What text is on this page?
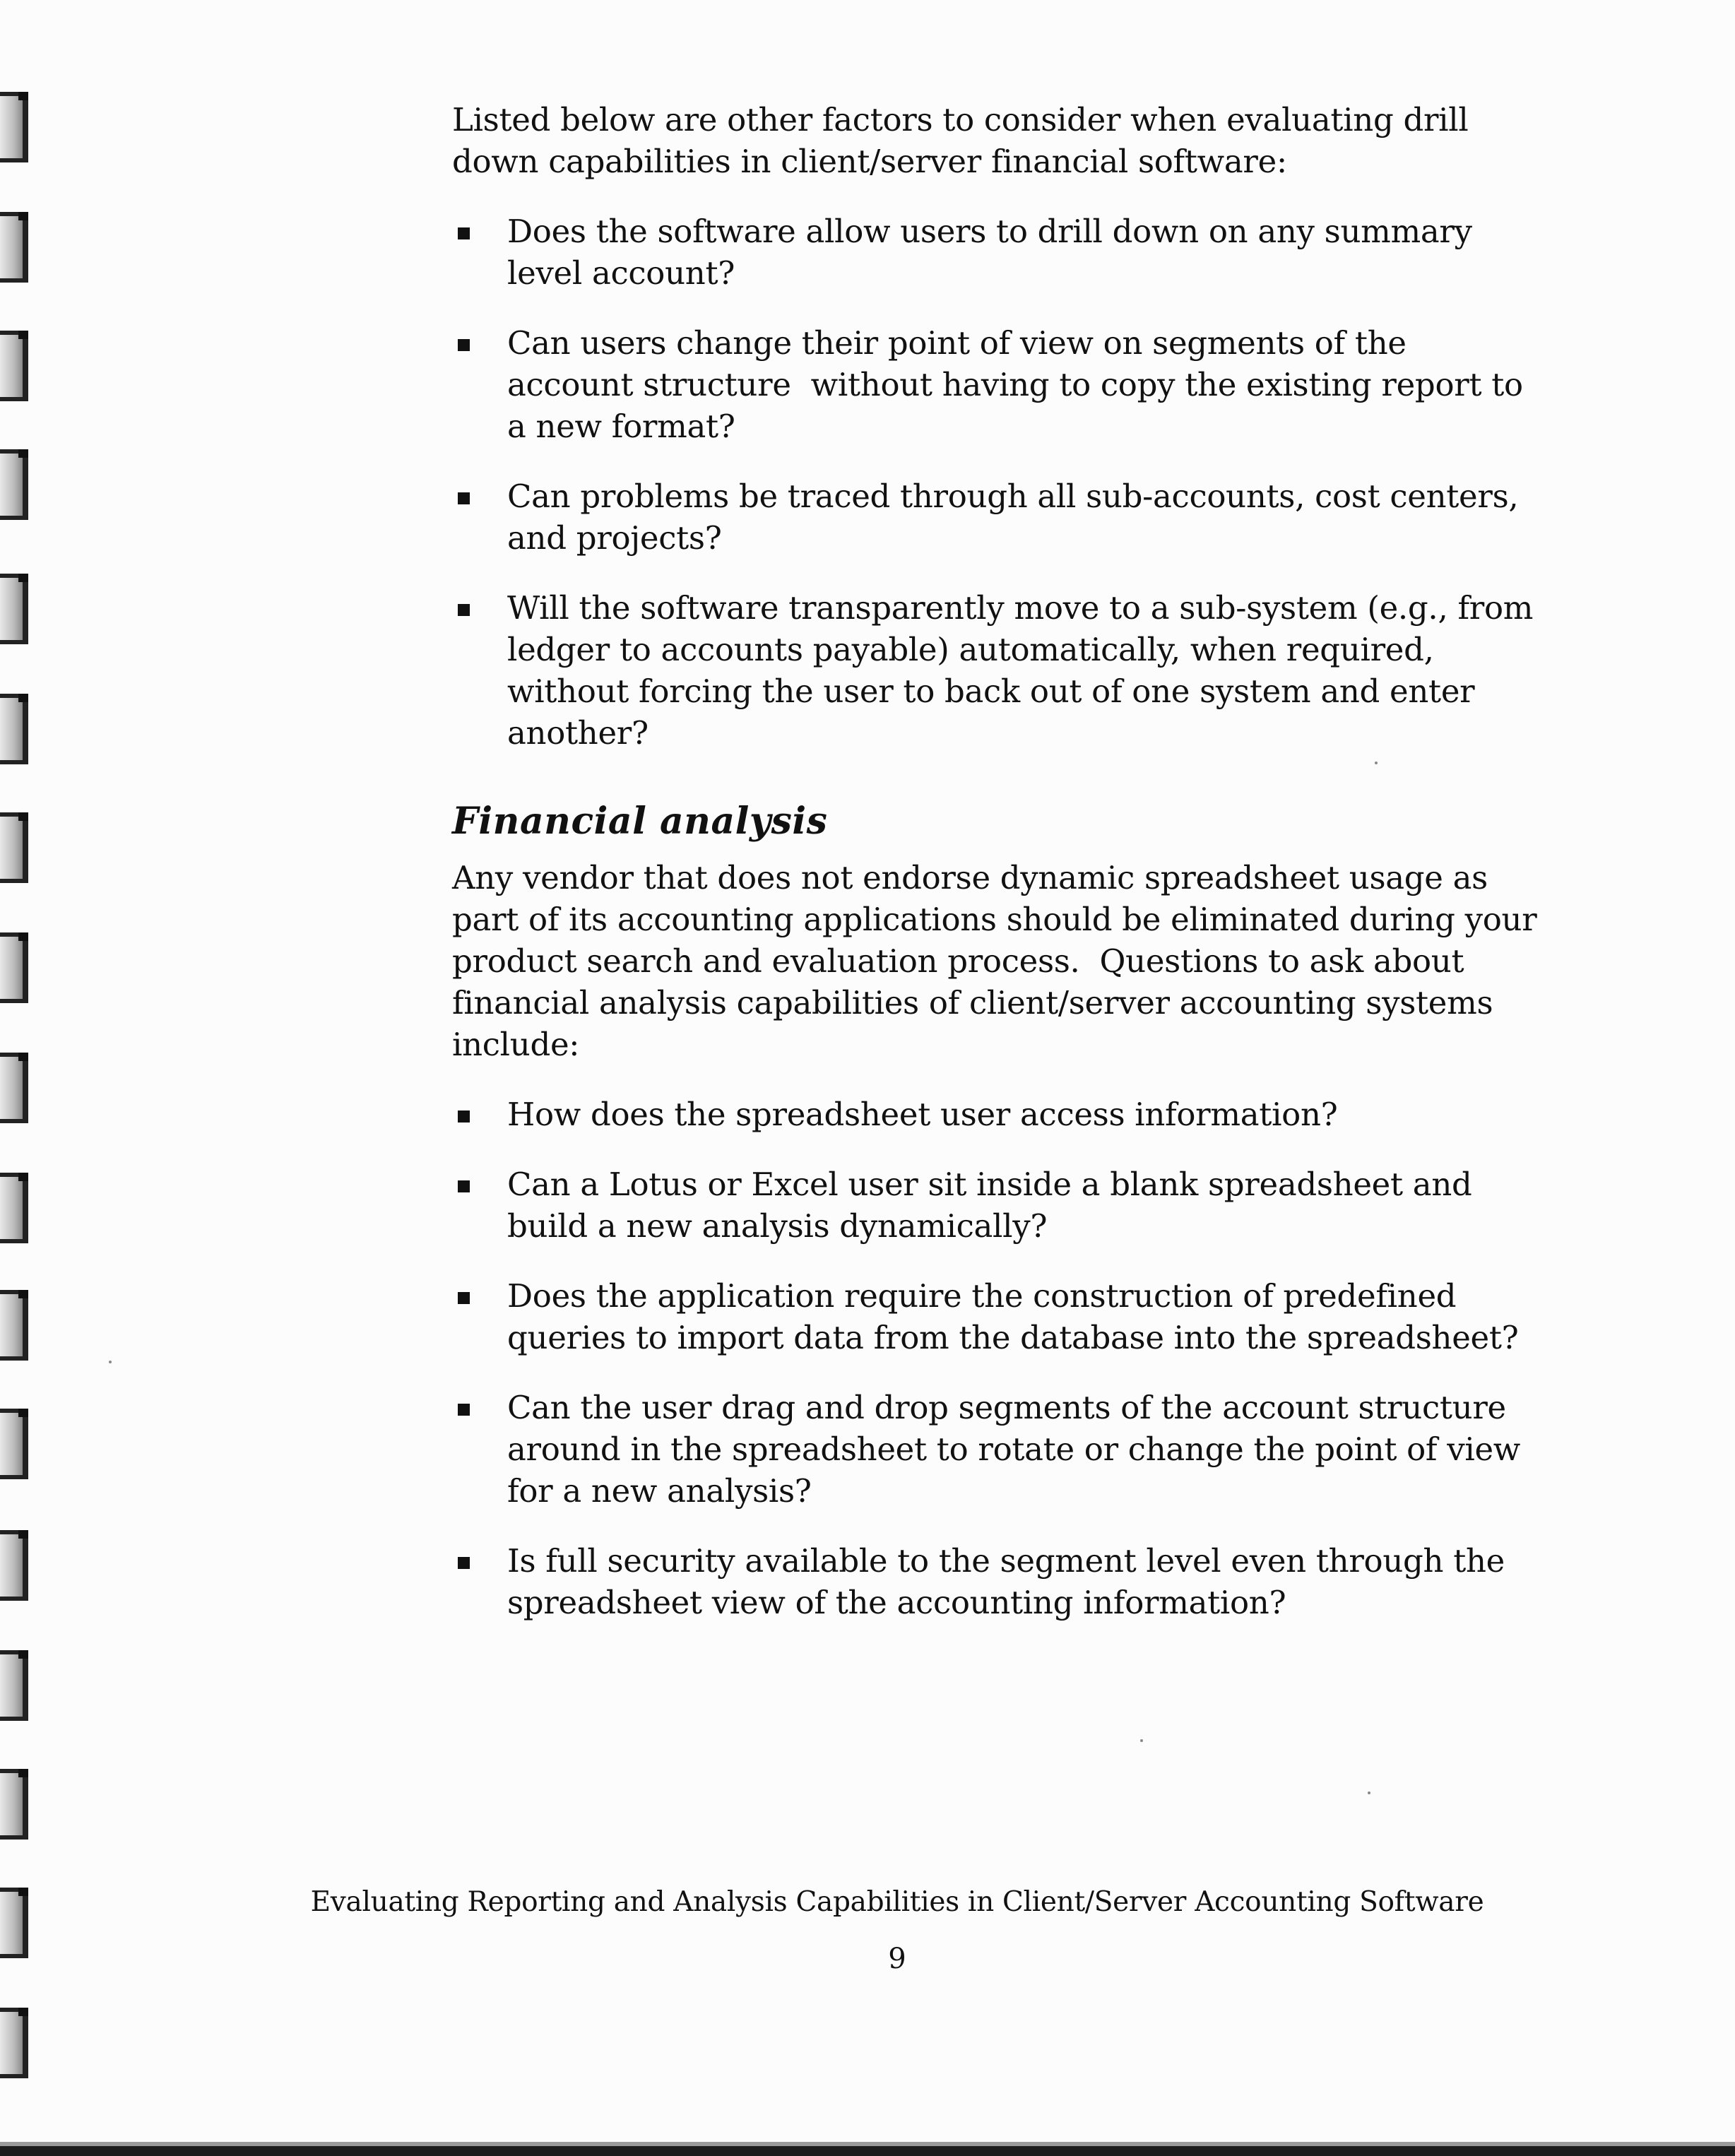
Listed below are other factors to consider when evaluating drill down capabilities in client/server financial software:

Does the software allow users to drill down on any summary level account?
Can users change their point of view on segments of the account structure  without having to copy the existing report to a new format?
Can problems be traced through all sub-accounts, cost centers, and projects?
Will the software transparently move to a sub-system (e.g., from ledger to accounts payable) automatically, when required, without forcing the user to back out of one system and enter another?
Financial analysis

Any vendor that does not endorse dynamic spreadsheet usage as part of its accounting applications should be eliminated during your product search and evaluation process.  Questions to ask about financial analysis capabilities of client/server accounting systems include:

How does the spreadsheet user access information?
Can a Lotus or Excel user sit inside a blank spreadsheet and build a new analysis dynamically?
Does the application require the construction of predefined queries to import data from the database into the spreadsheet?
Can the user drag and drop segments of the account structure around in the spreadsheet to rotate or change the point of view for a new analysis?
Is full security available to the segment level even through the spreadsheet view of the accounting information?
Evaluating Reporting and Analysis Capabilities in Client/Server Accounting Software
9
